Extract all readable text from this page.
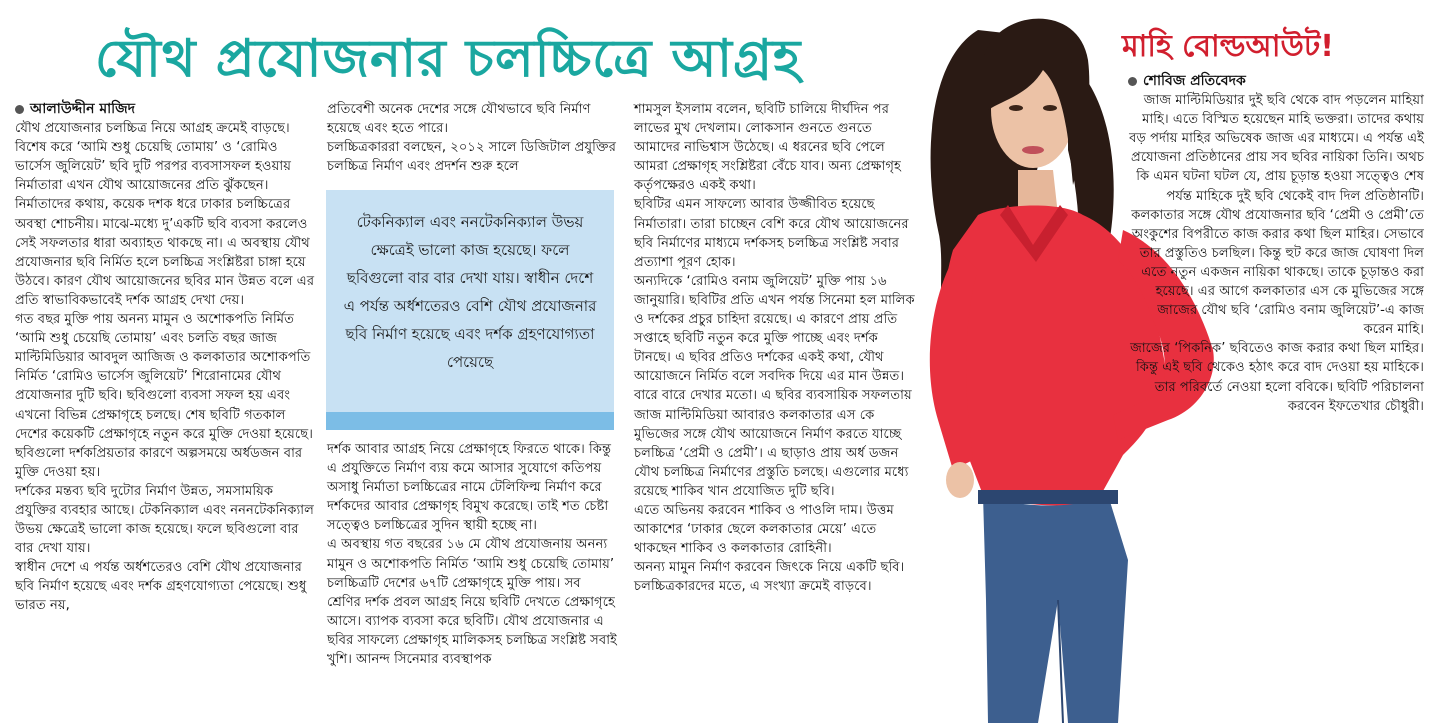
যৌথ প্রযোজনার চলচ্চিত্রে আগ্রহ
আলাউদ্দীন মাজিদ

যৌথ প্রযোজনার চলচ্চিত্র নিয়ে আগ্রহ ক্রমেই বাড়ছে। বিশেষ করে ‘আমি শুধু চেয়েছি তোমায়’ ও ‘রোমিও ভার্সেস জুলিয়েট’ ছবি দুটি পরপর ব্যবসাসফল হওয়ায় নির্মাতারা এখন যৌথ আয়োজনের প্রতি ঝুঁকছেন।

নির্মাতাদের কথায়, কয়েক দশক ধরে ঢাকার চলচ্চিত্রের অবস্থা শোচনীয়। মাঝে-মধ্যে দু’একটি ছবি ব্যবসা করলেও সেই সফলতার ধারা অব্যাহত থাকছে না। এ অবস্থায় যৌথ প্রযোজনার ছবি নির্মিত হলে চলচ্চিত্র সংশ্লিষ্টরা চাঙ্গা হয়ে উঠবে। কারণ যৌথ আয়োজনের ছবির মান উন্নত বলে এর প্রতি স্বাভাবিকভাবেই দর্শক আগ্রহ দেখা দেয়।

গত বছর মুক্তি পায় অনন্য মামুন ও অশোকপতি নির্মিত ‘আমি শুধু চেয়েছি তোমায়’ এবং চলতি বছর জাজ মাল্টিমিডিয়ার আবদুল আজিজ ও কলকাতার অশোকপতি নির্মিত ‘রোমিও ভার্সেস জুলিয়েট’ শিরোনামের যৌথ প্রযোজনার দুটি ছবি। ছবিগুলো ব্যবসা সফল হয় এবং এখনো বিভিন্ন প্রেক্ষাগৃহে চলছে। শেষ ছবিটি গতকাল দেশের কয়েকটি প্রেক্ষাগৃহে নতুন করে মুক্তি দেওয়া হয়েছে। ছবিগুলো দর্শকপ্রিয়তার কারণে অল্পসময়ে অর্ধডজন বার মুক্তি দেওয়া হয়।

দর্শকের মন্তব্য ছবি দুটোর নির্মাণ উন্নত, সমসাময়িক প্রযুক্তির ব্যবহার আছে। টেকনিক্যাল এবং নননটেকনিক্যাল উভয় ক্ষেত্রেই ভালো কাজ হয়েছে। ফলে ছবিগুলো বার বার দেখা যায়।

স্বাধীন দেশে এ পর্যন্ত অর্ধশতেরও বেশি যৌথ প্রযোজনার ছবি নির্মাণ হয়েছে এবং দর্শক গ্রহণযোগ্যতা পেয়েছে। শুধু ভারত নয়,

প্রতিবেশী অনেক দেশের সঙ্গে যৌথভাবে ছবি নির্মাণ হয়েছে এবং হতে পারে।

চলচ্চিত্রকাররা বলছেন, ২০১২ সালে ডিজিটাল প্রযুক্তির চলচ্চিত্র নির্মাণ এবং প্রদর্শন শুরু হলে

টেকনিক্যাল এবং ননটেকনিক্যাল উভয় ক্ষেত্রেই ভালো কাজ হয়েছে। ফলে ছবিগুলো বার বার দেখা যায়। স্বাধীন দেশে এ পর্যন্ত অর্ধশতেরও বেশি যৌথ প্রযোজনার ছবি নির্মাণ হয়েছে এবং দর্শক গ্রহণযোগ্যতা পেয়েছে

দর্শক আবার আগ্রহ নিয়ে প্রেক্ষাগৃহে ফিরতে থাকে। কিন্তু এ প্রযুক্তিতে নির্মাণ ব্যয় কমে আসার সুযোগে কতিপয় অসাধু নির্মাতা চলচ্চিত্রের নামে টেলিফিল্ম নির্মাণ করে দর্শকদের আবার প্রেক্ষাগৃহ বিমুখ করেছে। তাই শত চেষ্টা সত্ত্বেও চলচ্চিত্রের সুদিন স্থায়ী হচ্ছে না।

এ অবস্থায় গত বছরের ১৬ মে যৌথ প্রযোজনায় অনন্য মামুন ও অশোকপতি নির্মিত ‘আমি শুধু চেয়েছি তোমায়’ চলচ্চিত্রটি দেশের ৬৭টি প্রেক্ষাগৃহে মুক্তি পায়। সব শ্রেণির দর্শক প্রবল আগ্রহ নিয়ে ছবিটি দেখতে প্রেক্ষাগৃহে আসে। ব্যাপক ব্যবসা করে ছবিটি। যৌথ প্রযোজনার এ ছবির সাফল্যে প্রেক্ষাগৃহ মালিকসহ চলচ্চিত্র সংশ্লিষ্ট সবাই খুশি। আনন্দ সিনেমার ব্যবস্থাপক

শামসুল ইসলাম বলেন, ছবিটি চালিয়ে দীর্ঘদিন পর লাভের মুখ দেখলাম। লোকসান গুনতে গুনতে আমাদের নাভিশ্বাস উঠেছে। এ ধরনের ছবি পেলে আমরা প্রেক্ষাগৃহ সংশ্লিষ্টরা বেঁচে যাব। অন্য প্রেক্ষাগৃহ কর্তৃপক্ষেরও একই কথা।

ছবিটির এমন সাফল্যে আবার উজ্জীবিত হয়েছে নির্মাতারা। তারা চাচ্ছেন বেশি করে যৌথ আয়োজনের ছবি নির্মাণের মাধ্যমে দর্শকসহ চলচ্চিত্র সংশ্লিষ্ট সবার প্রত্যাশা পূরণ হোক।

অন্যদিকে ‘রোমিও বনাম জুলিয়েট’ মুক্তি পায় ১৬ জানুয়ারি। ছবিটির প্রতি এখন পর্যন্ত সিনেমা হল মালিক ও দর্শকের প্রচুর চাহিদা রয়েছে। এ কারণে প্রায় প্রতি সপ্তাহে ছবিটি নতুন করে মুক্তি পাচ্ছে এবং দর্শক টানছে। এ ছবির প্রতিও দর্শকের একই কথা, যৌথ আয়োজনে নির্মিত বলে সবদিক দিয়ে এর মান উন্নত। বারে বারে দেখার মতো। এ ছবির ব্যবসায়িক সফলতায় জাজ মাল্টিমিডিয়া আবারও কলকাতার এস কে মুভিজের সঙ্গে যৌথ আয়োজনে নির্মাণ করতে যাচ্ছে চলচ্চিত্র ‘প্রেমী ও প্রেমী’। এ ছাড়াও প্রায় অর্ধ ডজন যৌথ চলচ্চিত্র নির্মাণের প্রস্তুতি চলছে। এগুলোর মধ্যে রয়েছে শাকিব খান প্রযোজিত দুটি ছবি।

এতে অভিনয় করবেন শাকিব ও পাওলি দাম। উত্তম আকাশের ‘ঢাকার ছেলে কলকাতার মেয়ে’ এতে থাকছেন শাকিব ও কলকাতার রোহিনী।

অনন্য মামুন নির্মাণ করবেন জিৎকে নিয়ে একটি ছবি। চলচ্চিত্রকারদের মতে, এ সংখ্যা ক্রমেই বাড়বে।

মাহি বোল্ডআউট!
শোবিজ প্রতিবেদক

জাজ মাল্টিমিডিয়ার দুই ছবি থেকে বাদ পড়লেন মাহিয়া মাহি। এতে বিস্মিত হয়েছেন মাহি ভক্তরা। তাদের কথায় বড় পর্দায় মাহির অভিষেক জাজ এর মাধ্যমে। এ পর্যন্ত এই প্রযোজনা প্রতিষ্ঠানের প্রায় সব ছবির নায়িকা তিনি। অথচ কি এমন ঘটনা ঘটল যে, প্রায় চূড়ান্ত হওয়া সত্ত্বেও শেষ পর্যন্ত মাহিকে দুই ছবি থেকেই বাদ দিল প্রতিষ্ঠানটি। কলকাতার সঙ্গে যৌথ প্রযোজনার ছবি ‘প্রেমী ও প্রেমী’তে অংকুশের বিপরীতে কাজ করার কথা ছিল মাহির। সেভাবে তার প্রস্তুতিও চলছিল। কিন্তু হুট করে জাজ ঘোষণা দিল এতে নতুন একজন নায়িকা থাকছে। তাকে চূড়ান্তও করা হয়েছে। এর আগে কলকাতার এস কে মুভিজের সঙ্গে জাজের যৌথ ছবি ‘রোমিও বনাম জুলিয়েট’-এ কাজ করেন মাহি।

জাজের ‘পিকনিক’ ছবিতেও কাজ করার কথা ছিল মাহির। কিন্তু এই ছবি থেকেও হঠাৎ করে বাদ দেওয়া হয় মাহিকে। তার পরিবর্তে নেওয়া হলো ববিকে। ছবিটি পরিচালনা করবেন ইফতেখার চৌধুরী।
